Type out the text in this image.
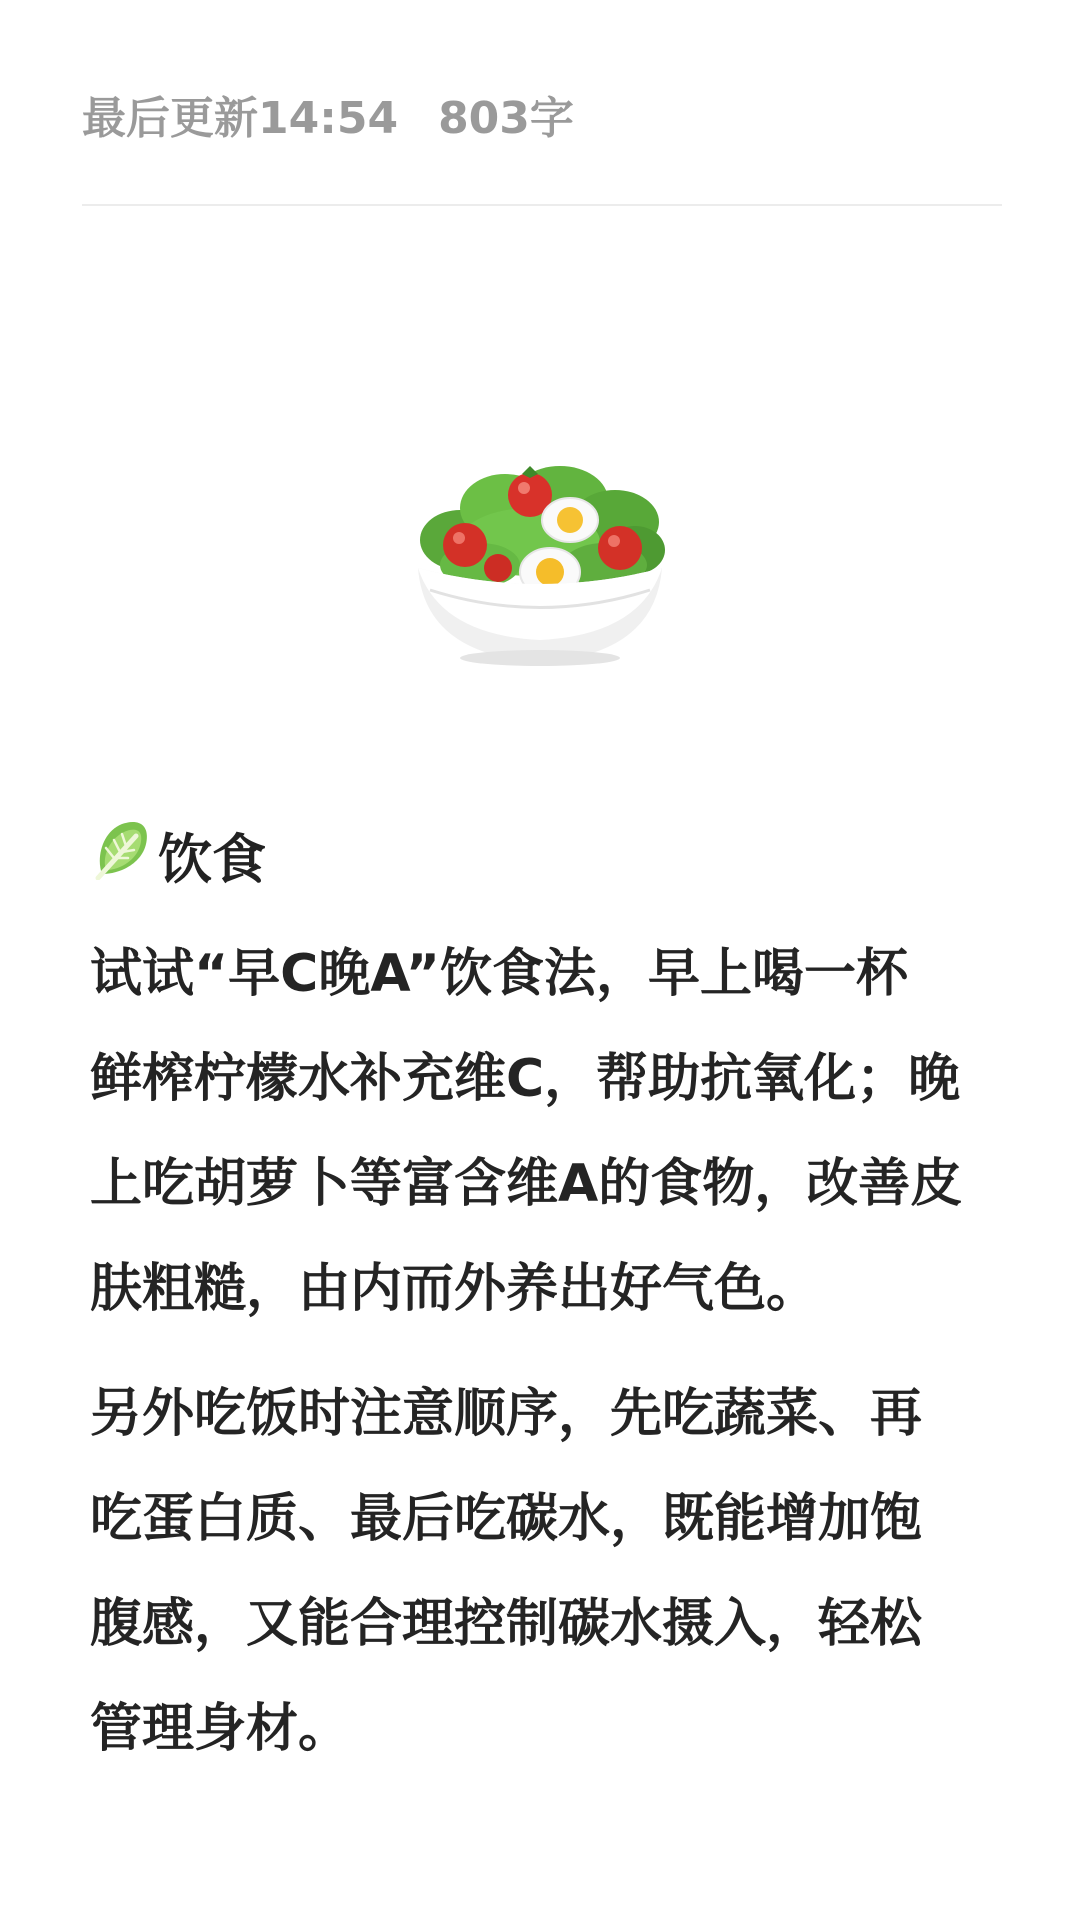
最后更新14:54 803字
饮食

试试“早C晚A”饮食法，早上喝一杯
鲜榨柠檬水补充维C，帮助抗氧化；晚
上吃胡萝卜等富含维A的食物，改善皮
肤粗糙，由内而外养出好气色。

另外吃饭时注意顺序，先吃蔬菜、再
吃蛋白质、最后吃碳水，既能增加饱
腹感，又能合理控制碳水摄入，轻松
管理身材。
